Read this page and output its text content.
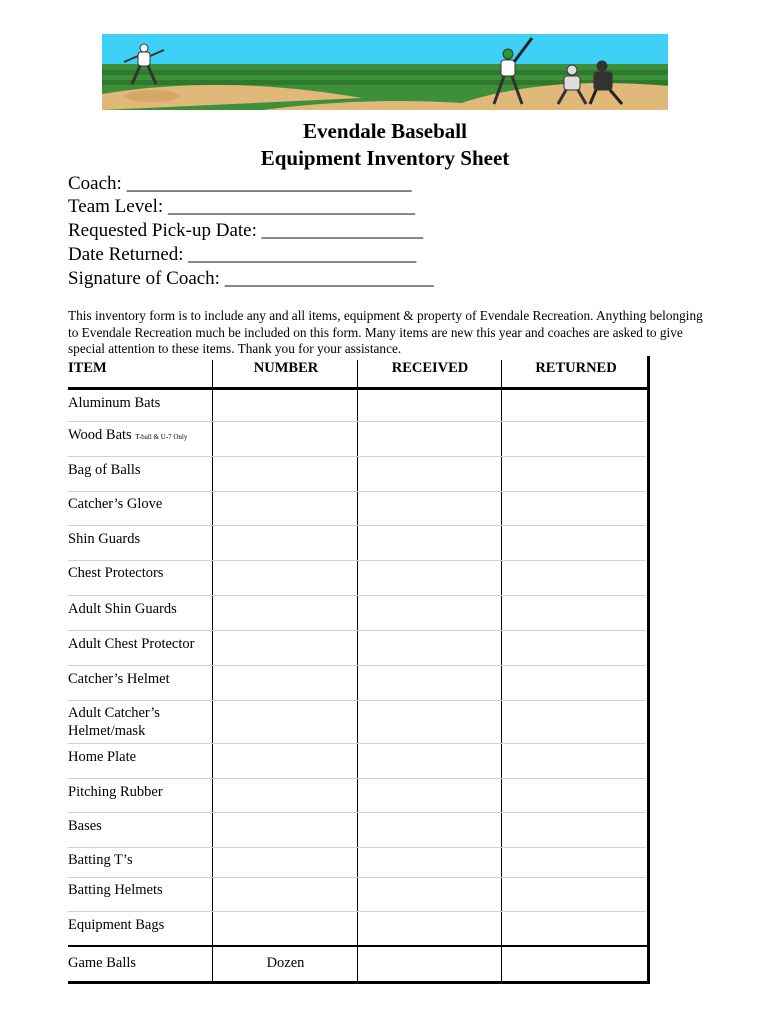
Evendale Baseball
Equipment Inventory Sheet
Coach: ______________________________
Team Level: __________________________
Requested Pick-up Date: _________________
Date Returned: ________________________
Signature of Coach: ______________________
This inventory form is to include any and all items, equipment & property of Evendale Recreation. Anything belonging to Evendale Recreation much be included on this form. Many items are new this year and coaches are asked to give special attention to these items. Thank you for your assistance.
ITEM	NUMBER	RECEIVED	RETURNED
Aluminum Bats
Wood Bats T-ball & U-7 Only
Bag of Balls
Catcher’s Glove
Shin Guards
Chest Protectors
Adult Shin Guards
Adult Chest Protector
Catcher’s Helmet
Adult Catcher’s Helmet/mask
Home Plate
Pitching Rubber
Bases
Batting T’s
Batting Helmets
Equipment Bags
Game Balls	Dozen
